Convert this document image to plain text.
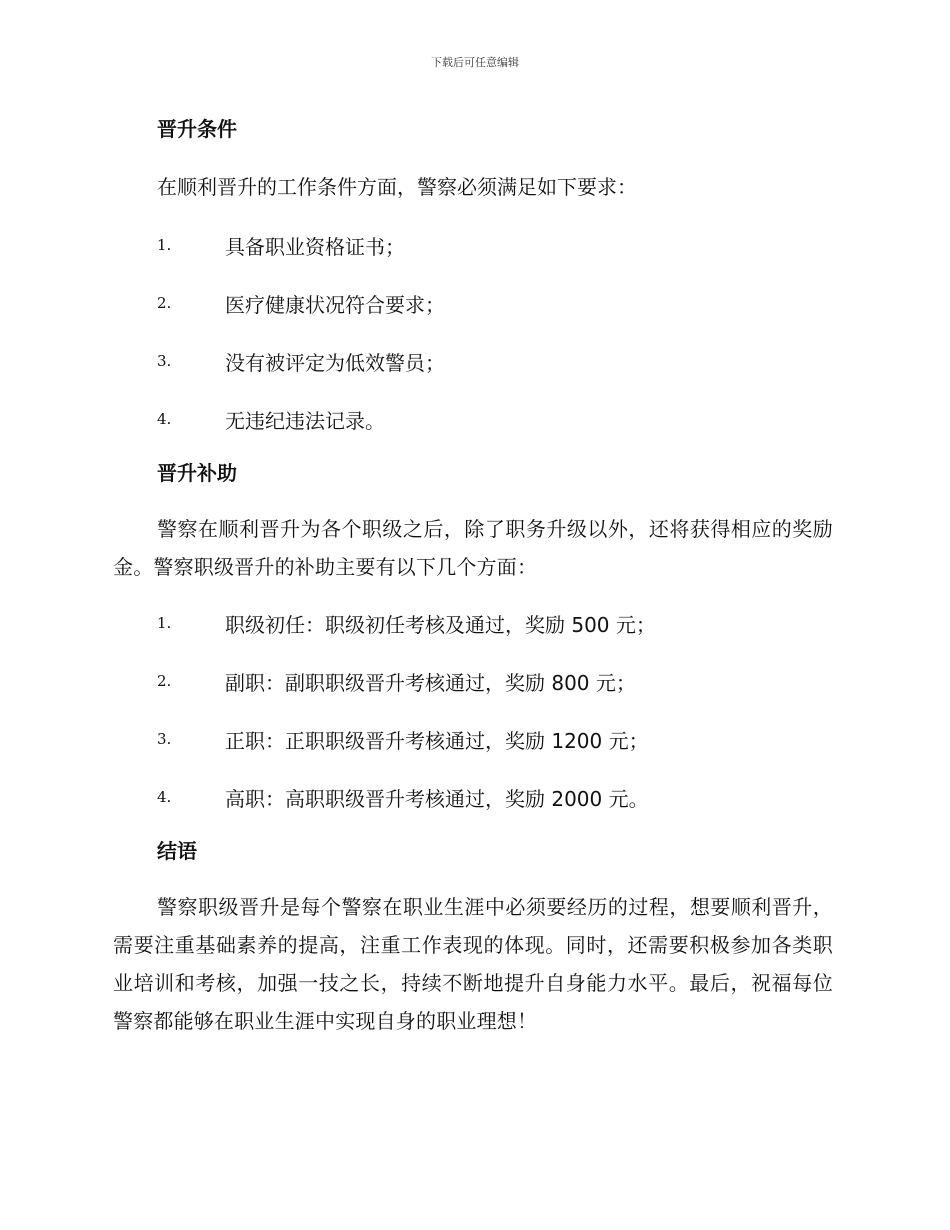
下载后可任意编辑
晋升条件

在顺利晋升的工作条件方面，警察必须满足如下要求：

1.	具备职业资格证书；
2.	医疗健康状况符合要求；
3.	没有被评定为低效警员；
4.	无违纪违法记录。
晋升补助

警察在顺利晋升为各个职级之后，除了职务升级以外，还将获得相应的奖励金。警察职级晋升的补助主要有以下几个方面：

1.	职级初任：职级初任考核及通过，奖励 500 元；
2.	副职：副职职级晋升考核通过，奖励 800 元；
3.	正职：正职职级晋升考核通过，奖励 1200 元；
4.	高职：高职职级晋升考核通过，奖励 2000 元。
结语

警察职级晋升是每个警察在职业生涯中必须要经历的过程，想要顺利晋升，需要注重基础素养的提高，注重工作表现的体现。同时，还需要积极参加各类职业培训和考核，加强一技之长，持续不断地提升自身能力水平。最后，祝福每位警察都能够在职业生涯中实现自身的职业理想！
